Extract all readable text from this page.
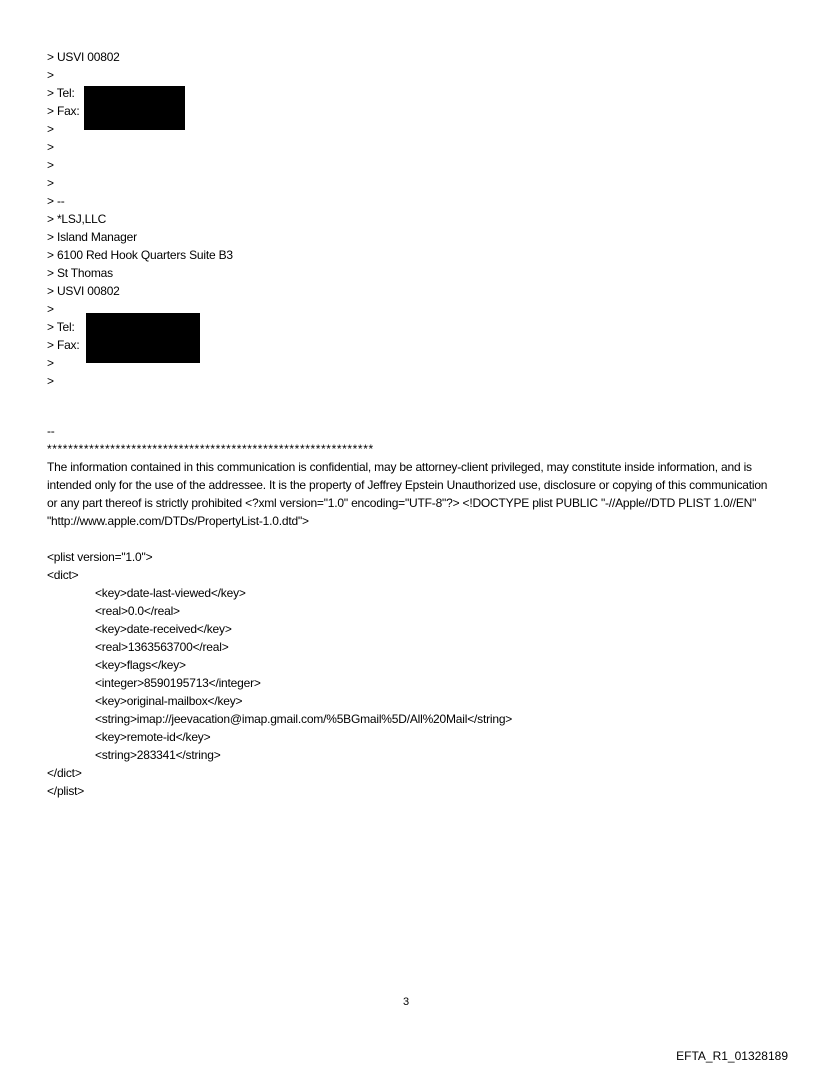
> USVI 00802
>
> Tel:
> Fax:
>
>
>
>
> --
> *LSJ,LLC
> Island Manager
> 6100 Red Hook Quarters Suite B3
> St Thomas
> USVI 00802
>
> Tel:
> Fax:
>
>
--
**************************************************************
The information contained in this communication is confidential, may be attorney-client privileged, may constitute inside information, and is intended only for the use of the addressee. It is the property of Jeffrey Epstein Unauthorized use, disclosure or copying of this communication or any part thereof is strictly prohibited <?xml version="1.0" encoding="UTF-8"?> <!DOCTYPE plist PUBLIC "-//Apple//DTD PLIST 1.0//EN" "http://www.apple.com/DTDs/PropertyList-1.0.dtd">
<plist version="1.0">
<dict>
<key>date-last-viewed</key>
<real>0.0</real>
<key>date-received</key>
<real>1363563700</real>
<key>flags</key>
<integer>8590195713</integer>
<key>original-mailbox</key>
<string>imap://jeevacation@imap.gmail.com/%5BGmail%5D/All%20Mail</string>
<key>remote-id</key>
<string>283341</string>
</dict>
</plist>
3
EFTA_R1_01328189
